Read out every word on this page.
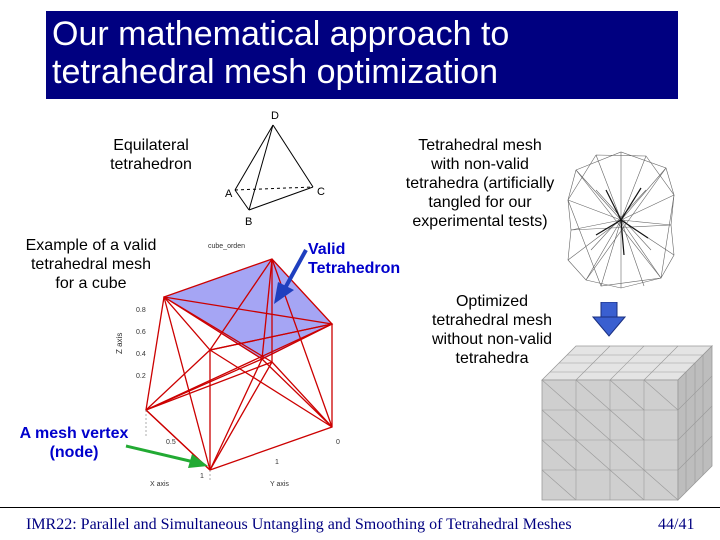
Our mathematical approach to
tetrahedral mesh optimization
Equilateral
tetrahedron
D
A	C
B
Tetrahedral mesh
with non-valid
tetrahedra (artificially
tangled for our
experimental tests)
Example of a valid
tetrahedral mesh
for a cube
Valid
Tetrahedron
cube_orden
Z axis
0.8
0.6
0.4
0.2
0.5	0
1
1
X axis	Y axis
Optimized
tetrahedral mesh
without non-valid
tetrahedra
A mesh vertex
(node)
IMR22: Parallel and Simultaneous Untangling and Smoothing of Tetrahedral Meshes	44/41
